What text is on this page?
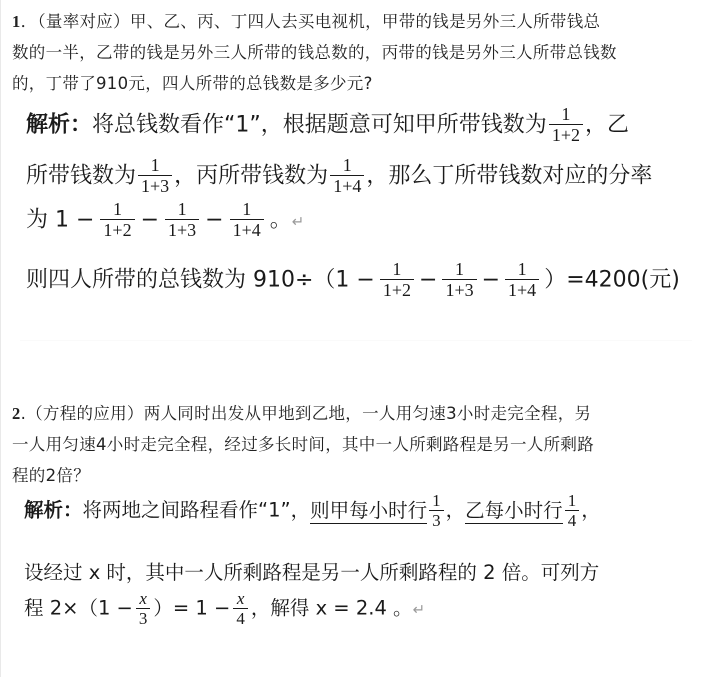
1．（量率对应）甲、乙、丙、丁四人去买电视机，甲带的钱是另外三人所带钱总
数的一半，乙带的钱是另外三人所带的钱总数的，丙带的钱是另外三人所带总钱数
的，丁带了910元，四人所带的总钱数是多少元?
解析：将总钱数看作“1”，根据题意可知甲所带钱数为 $\frac{1}{1+2}$ ，乙
所带钱数为 $\frac{1}{1+3}$ ，丙所带钱数为 $\frac{1}{1+4}$ ，那么丁所带钱数对应的分率
为 $1 - \frac{1}{1+2} - \frac{1}{1+3} - \frac{1}{1+4}$ 。↵
则四人所带的总钱数为 $910\div(1 - \frac{1}{1+2} - \frac{1}{1+3} - \frac{1}{1+4} )=4200$(元)
2.（方程的应用）两人同时出发从甲地到乙地，一人用匀速3小时走完全程，另
一人用匀速4小时走完全程，经过多长时间，其中一人所剩路程是另一人所剩路
程的2倍？
解析：将两地之间路程看作“1”，则甲每小时行 $\frac{1}{3}$ ，乙每小时行 $\frac{1}{4}$ ，
设经过 x 时，其中一人所剩路程是另一人所剩路程的 2 倍。可列方
程 $2\times(1 - \frac{x}{3}$ ）= $1 - \frac{x}{4}$ ，解得 x = 2.4 。↵
